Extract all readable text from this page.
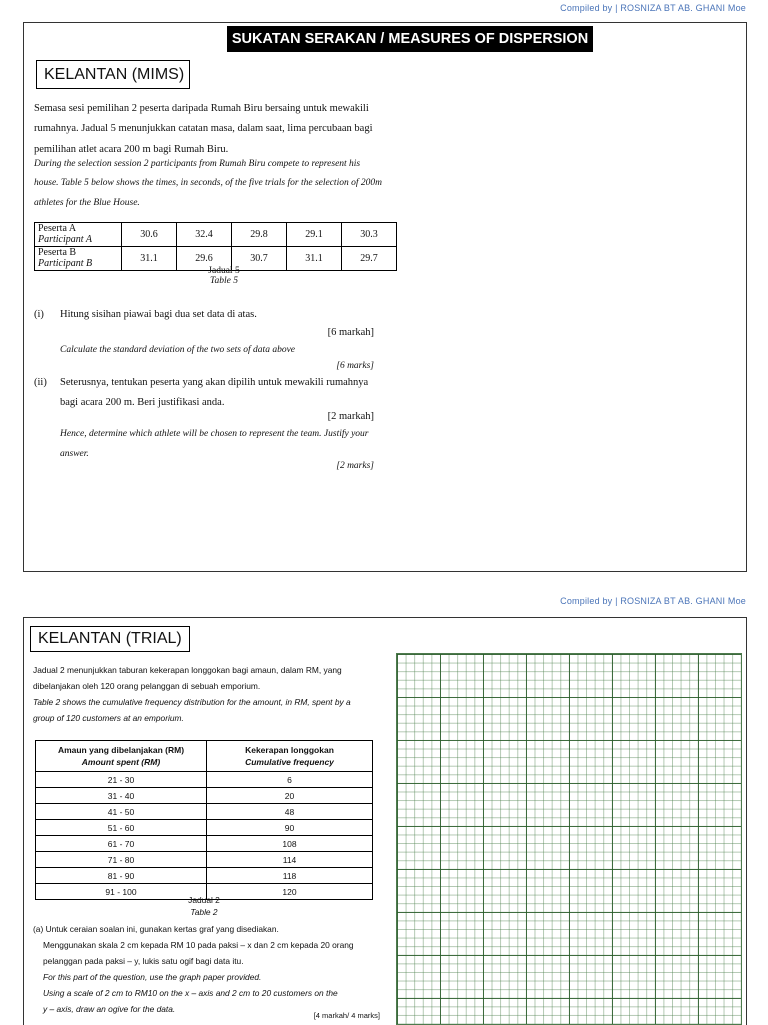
Compiled by | ROSNIZA BT AB. GHANI Moe
SUKATAN SERAKAN / MEASURES OF DISPERSION
KELANTAN (MIMS)
Semasa sesi pemilihan 2 peserta daripada Rumah Biru bersaing untuk mewakili
rumahnya. Jadual 5 menunjukkan catatan masa, dalam saat, lima percubaan bagi
pemilihan atlet acara 200 m bagi Rumah Biru.
During the selection session 2 participants from Rumah Biru compete to represent his
house. Table 5 below shows the times, in seconds, of the five trials for the selection of 200m
athletes for the Blue House.
Peserta A
Participant A	30.6	32.4	29.8	29.1	30.3
Peserta B
Participant B	31.1	29.6	30.7	31.1	29.7
Jadual 5
Table 5
(i) Hitung sisihan piawai bagi dua set data di atas.
[6 markah]
Calculate the standard deviation of the two sets of data above
[6 marks]
(ii) Seterusnya, tentukan peserta yang akan dipilih untuk mewakili rumahnya
bagi acara 200 m. Beri justifikasi anda.
[2 markah]
Hence, determine which athlete will be chosen to represent the team. Justify your
answer.
[2 marks]
Compiled by | ROSNIZA BT AB. GHANI Moe
KELANTAN (TRIAL)
Jadual 2 menunjukkan taburan kekerapan longgokan bagi amaun, dalam RM, yang
dibelanjakan oleh 120 orang pelanggan di sebuah emporium.
Table 2 shows the cumulative frequency distribution for the amount, in RM, spent by a
group of 120 customers at an emporium.
Amaun yang dibelanjakan (RM)
Amount spent (RM)	Kekerapan longgokan
Cumulative frequency
21 - 30	6
31 - 40	20
41 - 50	48
51 - 60	90
61 - 70	108
71 - 80	114
81 - 90	118
91 - 100	120
Jadual 2
Table 2
(a) Untuk ceraian soalan ini, gunakan kertas graf yang disediakan.
Menggunakan skala 2 cm kepada RM 10 pada paksi – x dan 2 cm kepada 20 orang
pelanggan pada paksi – y, lukis satu ogif bagi data itu.
For this part of the question, use the graph paper provided.
Using a scale of 2 cm to RM10 on the x – axis and 2 cm to 20 customers on the
y – axis, draw an ogive for the data.
[4 markah/ 4 marks]
